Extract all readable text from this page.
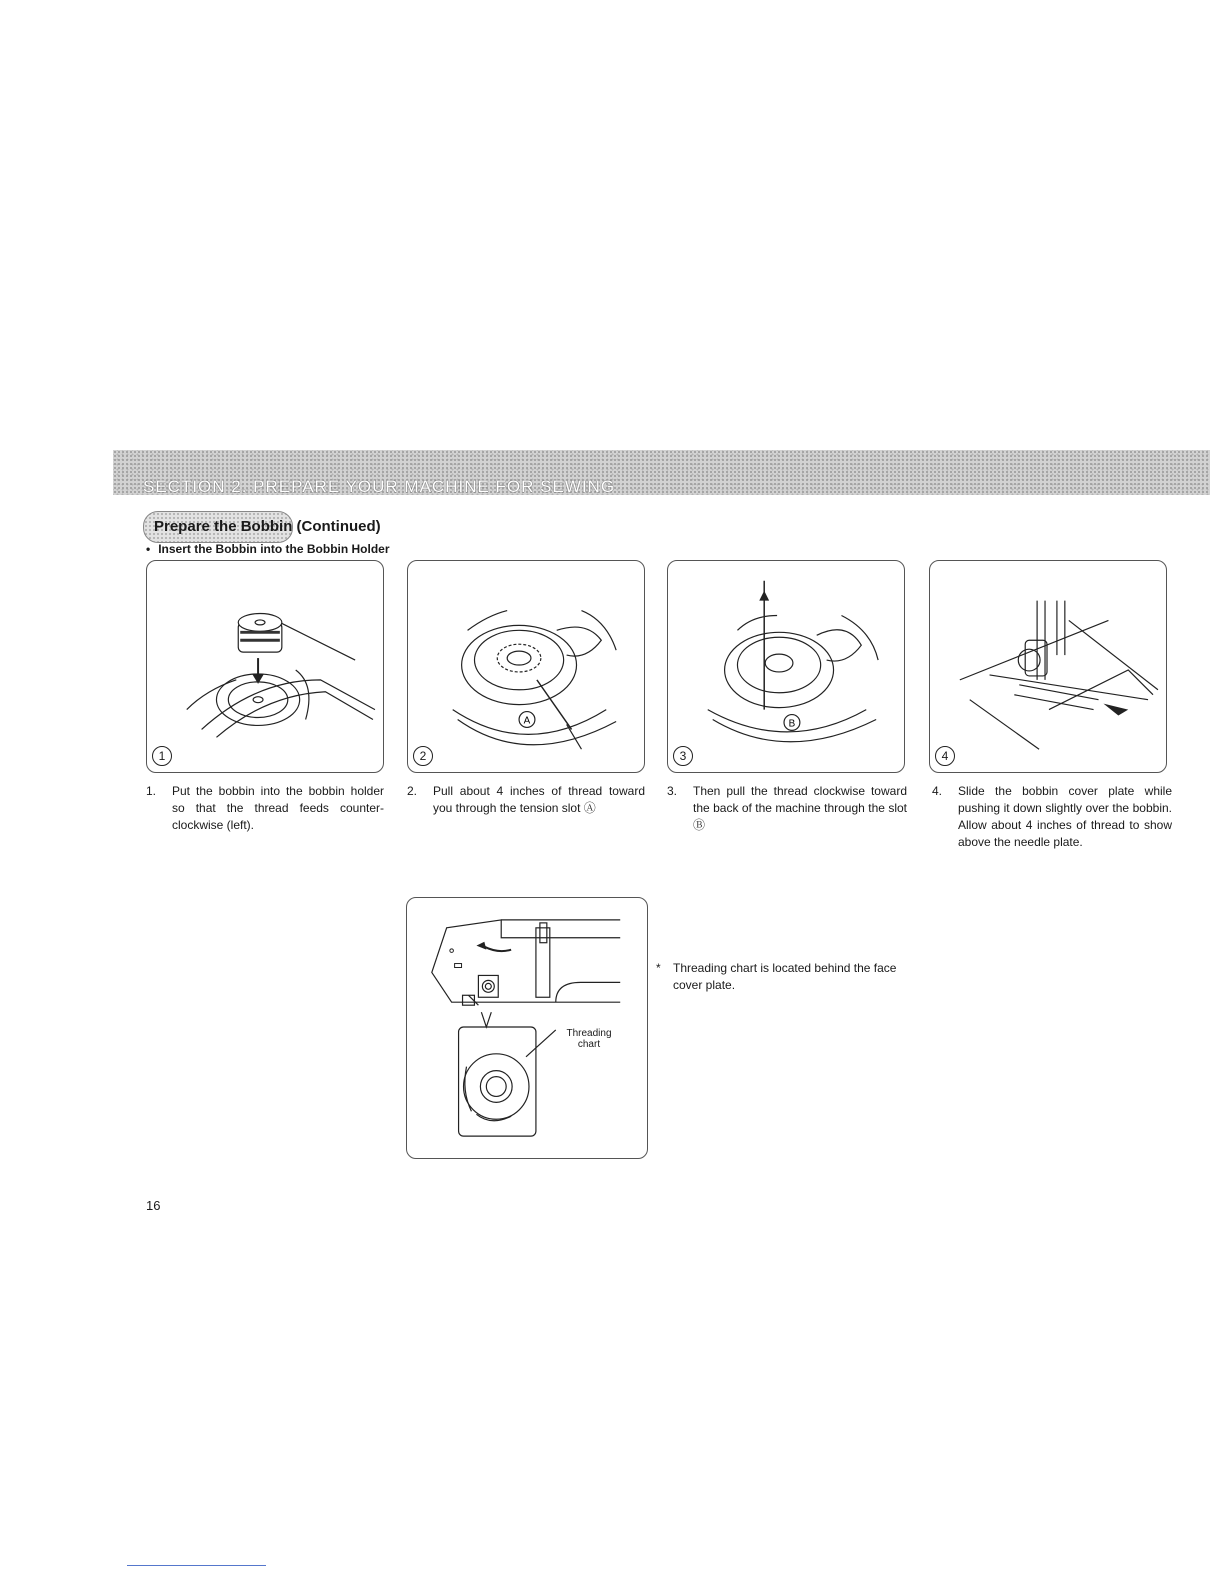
SECTION 2. PREPARE YOUR MACHINE FOR SEWING
Prepare the Bobbin (Continued)
• Insert the Bobbin into the Bobbin Holder
1
A
2
B
3	4
1.	Put the bobbin into the bobbin holder so that the thread feeds counter-clockwise (left).
2.	Pull about 4 inches of thread toward you through the tension slot Ⓐ
3.	Then pull the thread clockwise toward the back of the machine through the slot Ⓑ
4.	Slide the bobbin cover plate while pushing it down slightly over the bobbin. Allow about 4 inches of thread to show above the needle plate.
Threading chart
* Threading chart is located behind the face cover plate.
16
